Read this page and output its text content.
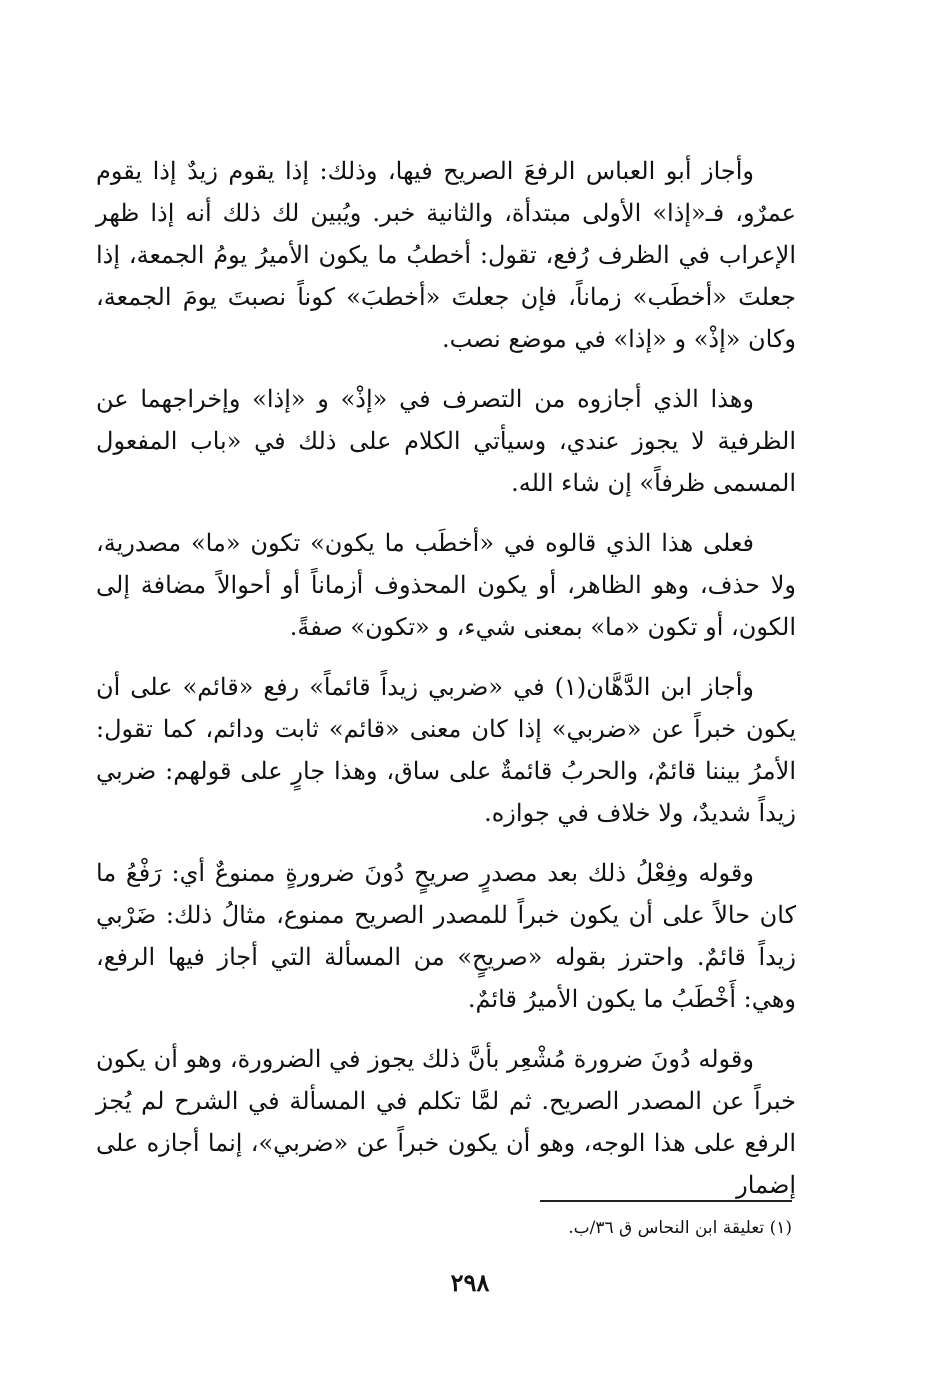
وأجاز أبو العباس الرفعَ الصريح فيها، وذلك: إذا يقوم زيدٌ إذا يقوم عمرٌو، فـ«إذا» الأولى مبتدأة، والثانية خبر. ويُبين لك ذلك أنه إذا ظهر الإعراب في الظرف رُفع، تقول: أخطبُ ما يكون الأميرُ يومُ الجمعة، إذا جعلتَ «أخطَب» زماناً، فإن جعلتَ «أخطبَ» كوناً نصبتَ يومَ الجمعة، وكان «إذْ» و «إذا» في موضع نصب.

وهذا الذي أجازوه من التصرف في «إذْ» و «إذا» وإخراجهما عن الظرفية لا يجوز عندي، وسيأتي الكلام على ذلك في «باب المفعول المسمى ظرفاً» إن شاء الله.

فعلى هذا الذي قالوه في «أخطَب ما يكون» تكون «ما» مصدرية، ولا حذف، وهو الظاهر، أو يكون المحذوف أزماناً أو أحوالاً مضافة إلى الكون، أو تكون «ما» بمعنى شيء، و «تكون» صفةً.

وأجاز ابن الدَّهَّان(١) في «ضربي زيداً قائماً» رفع «قائم» على أن يكون خبراً عن «ضربي» إذا كان معنى «قائم» ثابت ودائم، كما تقول: الأمرُ بيننا قائمٌ، والحربُ قائمةٌ على ساق، وهذا جارٍ على قولهم: ضربي زيداً شديدٌ، ولا خلاف في جوازه.

وقوله وفِعْلُ ذلك بعد مصدرٍ صريحٍ دُونَ ضرورةٍ ممنوعٌ أي: رَفْعُ ما كان حالاً على أن يكون خبراً للمصدر الصريح ممنوع، مثالُ ذلك: ضَرْبي زيداً قائمٌ. واحترز بقوله «صريحٍ» من المسألة التي أجاز فيها الرفع، وهي: أَخْطَبُ ما يكون الأميرُ قائمٌ.

وقوله دُونَ ضرورة مُشْعِر بأنَّ ذلك يجوز في الضرورة، وهو أن يكون خبراً عن المصدر الصريح. ثم لمَّا تكلم في المسألة في الشرح لم يُجز الرفع على هذا الوجه، وهو أن يكون خبراً عن «ضربي»، إنما أجازه على إضمار

(١) تعليقة ابن النحاس ق ٣٦/ب.
٢٩٨
